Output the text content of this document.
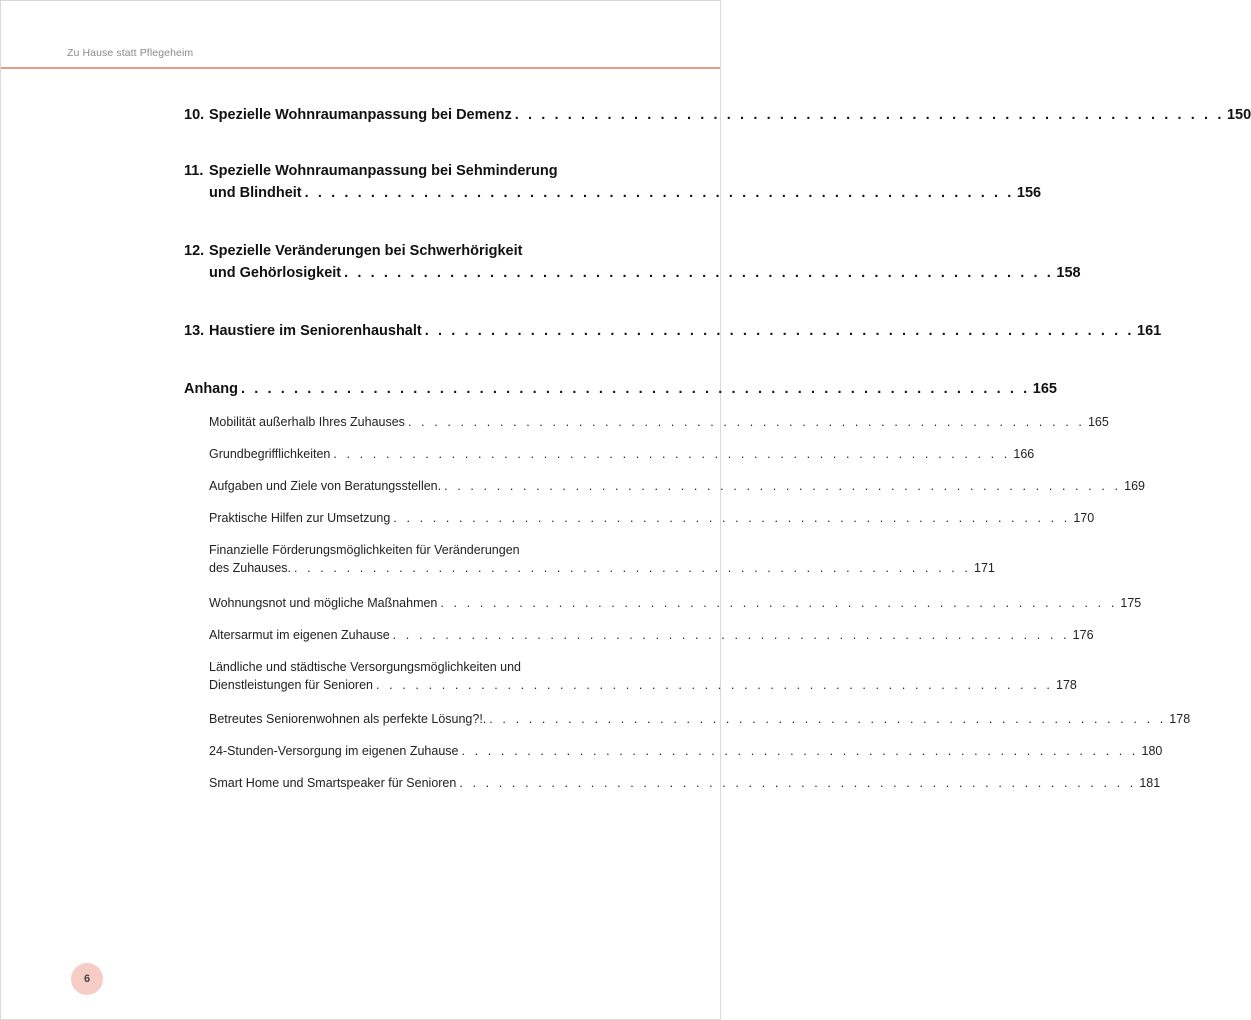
Zu Hause statt Pflegeheim
10. Spezielle Wohnraumanpassung bei Demenz . . . . . . . . . . . . . . . . . . . . . . . . . . . . . . . . . . . . . . . . . . . . . . . . . . . . . . 150
11. Spezielle Wohnraumanpassung bei Sehminderung
und Blindheit . . . . . . . . . . . . . . . . . . . . . . . . . . . . . . . . . . . . . . . . . . . . . . . . . . . . . . 156
12. Spezielle Veränderungen bei Schwerhörigkeit
und Gehörlosigkeit . . . . . . . . . . . . . . . . . . . . . . . . . . . . . . . . . . . . . . . . . . . . . . . . . . . . . . 158
13. Haustiere im Seniorenhaushalt . . . . . . . . . . . . . . . . . . . . . . . . . . . . . . . . . . . . . . . . . . . . . . . . . . . . . . 161
Anhang . . . . . . . . . . . . . . . . . . . . . . . . . . . . . . . . . . . . . . . . . . . . . . . . . . . . . . . . . . . . 165
Mobilität außerhalb Ihres Zuhauses . . . . . . . . . . . . . . . . . . . . . . . . . . . . . . . . . . . . . . . . . . . . . . . . . . . . 165
Grundbegrifflichkeiten . . . . . . . . . . . . . . . . . . . . . . . . . . . . . . . . . . . . . . . . . . . . . . . . . . . . 166
Aufgaben und Ziele von Beratungsstellen. . . . . . . . . . . . . . . . . . . . . . . . . . . . . . . . . . . . . . . . . . . . . . . . . . . . . 169
Praktische Hilfen zur Umsetzung . . . . . . . . . . . . . . . . . . . . . . . . . . . . . . . . . . . . . . . . . . . . . . . . . . . . 170
Finanzielle Förderungsmöglichkeiten für Veränderungen
des Zuhauses. . . . . . . . . . . . . . . . . . . . . . . . . . . . . . . . . . . . . . . . . . . . . . . . . . . . . 171
Wohnungsnot und mögliche Maßnahmen . . . . . . . . . . . . . . . . . . . . . . . . . . . . . . . . . . . . . . . . . . . . . . . . . . . . 175
Altersarmut im eigenen Zuhause . . . . . . . . . . . . . . . . . . . . . . . . . . . . . . . . . . . . . . . . . . . . . . . . . . . . 176
Ländliche und städtische Versorgungsmöglichkeiten und
Dienstleistungen für Senioren . . . . . . . . . . . . . . . . . . . . . . . . . . . . . . . . . . . . . . . . . . . . . . . . . . . . 178
Betreutes Seniorenwohnen als perfekte Lösung?!. . . . . . . . . . . . . . . . . . . . . . . . . . . . . . . . . . . . . . . . . . . . . . . . . . . . . 178
24-Stunden-Versorgung im eigenen Zuhause . . . . . . . . . . . . . . . . . . . . . . . . . . . . . . . . . . . . . . . . . . . . . . . . . . . . 180
Smart Home und Smartspeaker für Senioren . . . . . . . . . . . . . . . . . . . . . . . . . . . . . . . . . . . . . . . . . . . . . . . . . . . . 181
6
